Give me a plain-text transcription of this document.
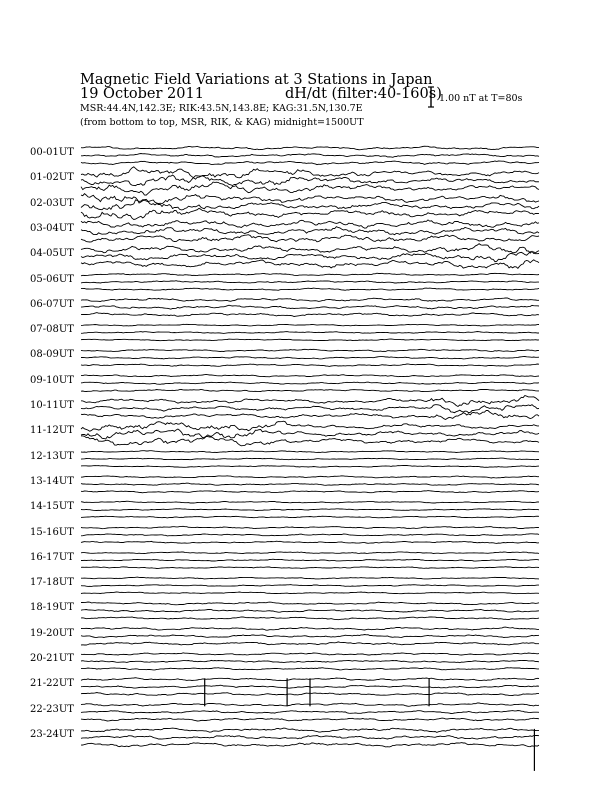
Magnetic Field Variations at 3 Stations in Japan
19 October 2011	dH/dt (filter:40-160s)
MSR:44.4N,142.3E; RIK:43.5N,143.8E; KAG:31.5N,130.7E
(from bottom to top, MSR, RIK, & KAG) midnight=1500UT
1.00 nT at T=80s
00-01UT
01-02UT
02-03UT
03-04UT
04-05UT
05-06UT
06-07UT
07-08UT
08-09UT
09-10UT
10-11UT
11-12UT
12-13UT
13-14UT
14-15UT
15-16UT
16-17UT
17-18UT
18-19UT
19-20UT
20-21UT
21-22UT
22-23UT
23-24UT
